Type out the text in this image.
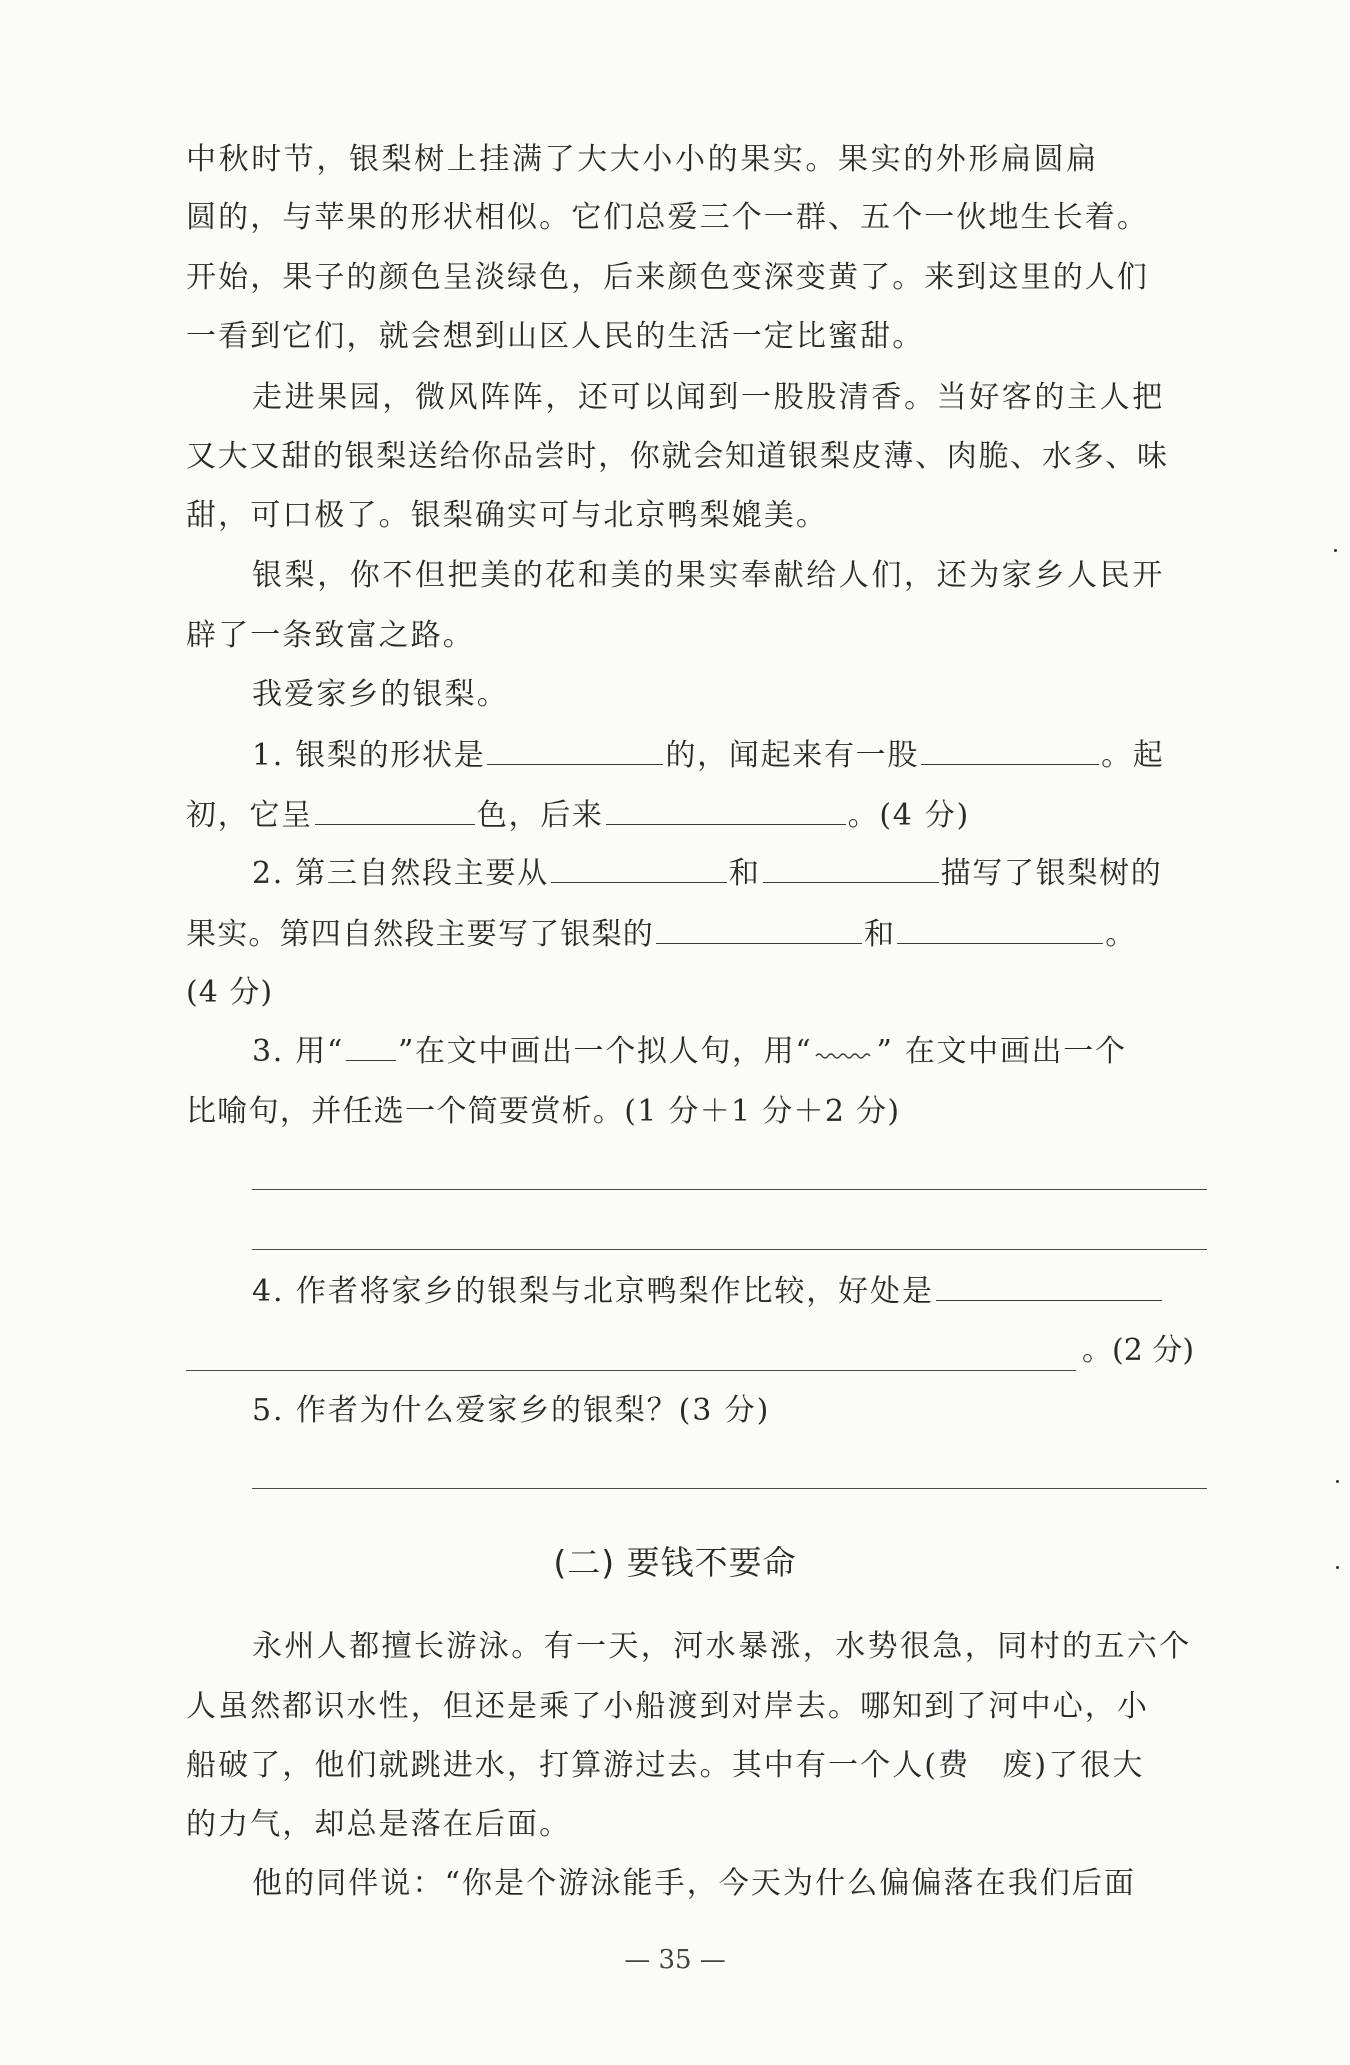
中秋时节，银梨树上挂满了大大小小的果实。果实的外形扁圆扁
圆的，与苹果的形状相似。它们总爱三个一群、五个一伙地生长着。
开始，果子的颜色呈淡绿色，后来颜色变深变黄了。来到这里的人们
一看到它们，就会想到山区人民的生活一定比蜜甜。
走进果园，微风阵阵，还可以闻到一股股清香。当好客的主人把
又大又甜的银梨送给你品尝时，你就会知道银梨皮薄、肉脆、水多、味
甜，可口极了。银梨确实可与北京鸭梨媲美。
银梨，你不但把美的花和美的果实奉献给人们，还为家乡人民开
辟了一条致富之路。
我爱家乡的银梨。
1. 银梨的形状是	的，闻起来有一股	。起
初，它呈	色，后来	。(4 分)
2. 第三自然段主要从	和	描写了银梨树的
果实。第四自然段主要写了银梨的	和	。
(4 分)
3. 用“ ”在文中画出一个拟人句，用“ ” 在文中画出一个
比喻句，并任选一个简要赏析。(1 分＋1 分＋2 分)
4. 作者将家乡的银梨与北京鸭梨作比较，好处是
。(2 分)
5. 作者为什么爱家乡的银梨？(3 分)
(二) 要钱不要命
永州人都擅长游泳。有一天，河水暴涨，水势很急，同村的五六个
人虽然都识水性，但还是乘了小船渡到对岸去。哪知到了河中心，小
船破了，他们就跳进水，打算游过去。其中有一个人(费　废)了很大
的力气，却总是落在后面。
他的同伴说：“你是个游泳能手，今天为什么偏偏落在我们后面
— 35 —
